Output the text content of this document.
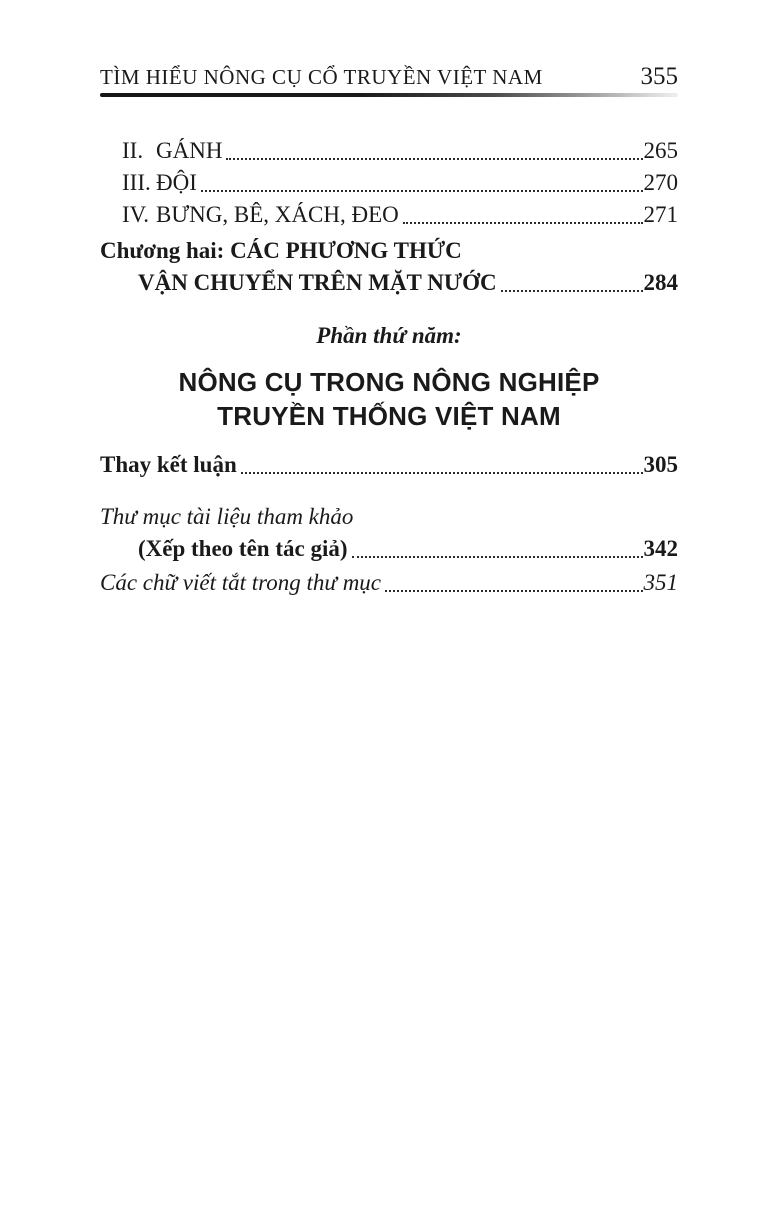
TÌM HIỂU NÔNG CỤ CỔ TRUYỀN VIỆT NAM	355
II. GÁNH	265
III. ĐỘI	270
IV. BƯNG, BÊ, XÁCH, ĐEO	271
Chương hai: CÁC PHƯƠNG THỨC
VẬN CHUYỂN TRÊN MẶT NƯỚC	284
Phần thứ năm:
NÔNG CỤ TRONG NÔNG NGHIỆP
TRUYỀN THỐNG VIỆT NAM
Thay kết luận	305
Thư mục tài liệu tham khảo
(Xếp theo tên tác giả)	342
Các chữ viết tắt trong thư mục	351
